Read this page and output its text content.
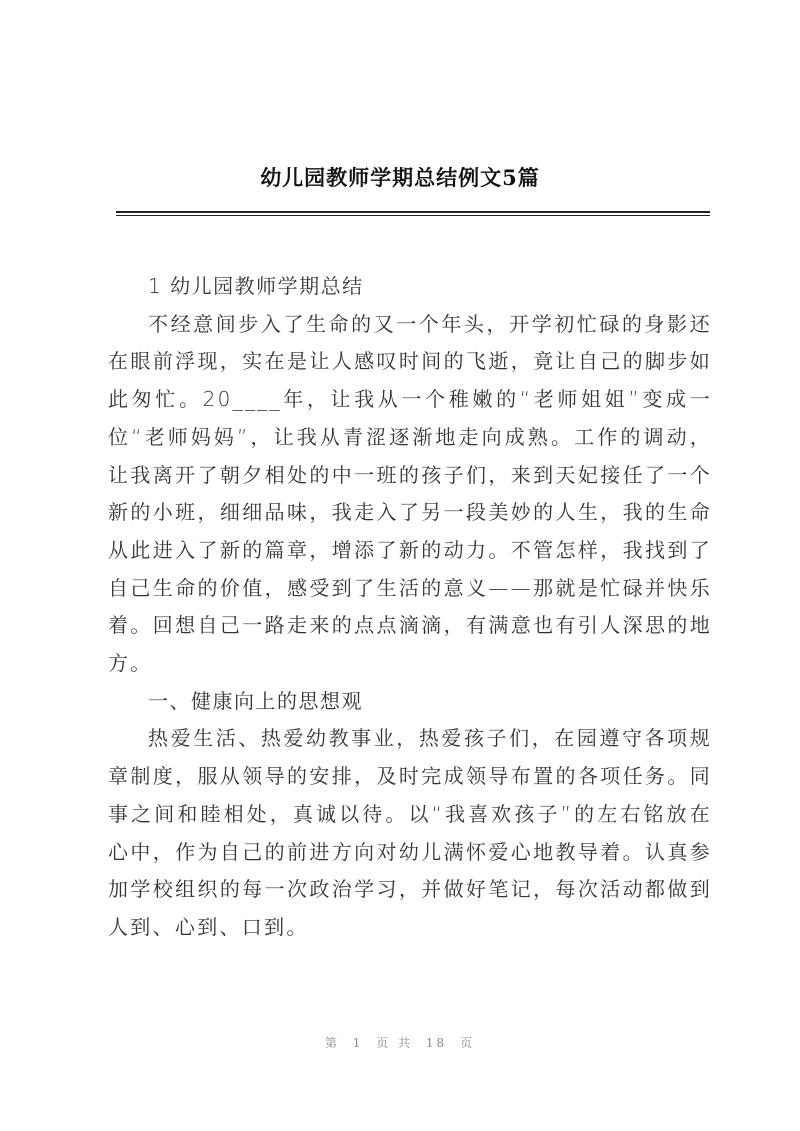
幼儿园教师学期总结例文5篇

1 幼儿园教师学期总结

不经意间步入了生命的又一个年头，开学初忙碌的身影还在眼前浮现，实在是让人感叹时间的飞逝，竟让自己的脚步如此匆忙。20____年，让我从一个稚嫩的“老师姐姐”变成一位“老师妈妈”，让我从青涩逐渐地走向成熟。工作的调动，让我离开了朝夕相处的中一班的孩子们，来到天妃接任了一个新的小班，细细品味，我走入了另一段美妙的人生，我的生命从此进入了新的篇章，增添了新的动力。不管怎样，我找到了自己生命的价值，感受到了生活的意义——那就是忙碌并快乐着。回想自己一路走来的点点滴滴，有满意也有引人深思的地方。

一、健康向上的思想观

热爱生活、热爱幼教事业，热爱孩子们，在园遵守各项规章制度，服从领导的安排，及时完成领导布置的各项任务。同事之间和睦相处，真诚以待。以“我喜欢孩子”的左右铭放在心中，作为自己的前进方向对幼儿满怀爱心地教导着。认真参加学校组织的每一次政治学习，并做好笔记，每次活动都做到人到、心到、口到。

第 1 页 共 18 页
